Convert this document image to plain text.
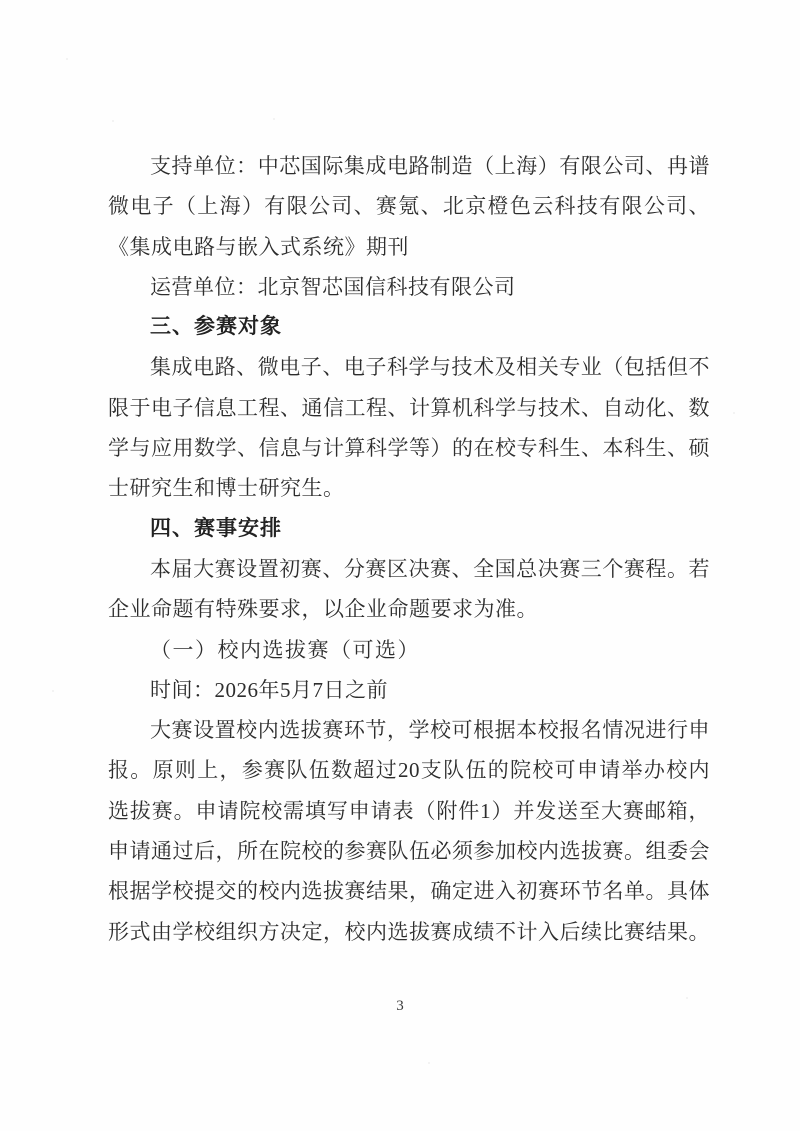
支持单位：中芯国际集成电路制造（上海）有限公司、冉谱微电子（上海）有限公司、赛氪、北京橙色云科技有限公司、《集成电路与嵌入式系统》期刊

运营单位：北京智芯国信科技有限公司

三、参赛对象

集成电路、微电子、电子科学与技术及相关专业（包括但不限于电子信息工程、通信工程、计算机科学与技术、自动化、数学与应用数学、信息与计算科学等）的在校专科生、本科生、硕士研究生和博士研究生。

四、赛事安排

本届大赛设置初赛、分赛区决赛、全国总决赛三个赛程。若企业命题有特殊要求，以企业命题要求为准。

（一）校内选拔赛（可选）

时间：2026年5月7日之前

大赛设置校内选拔赛环节，学校可根据本校报名情况进行申报。原则上，参赛队伍数超过20支队伍的院校可申请举办校内选拔赛。申请院校需填写申请表（附件1）并发送至大赛邮箱，申请通过后，所在院校的参赛队伍必须参加校内选拔赛。组委会根据学校提交的校内选拔赛结果，确定进入初赛环节名单。具体形式由学校组织方决定，校内选拔赛成绩不计入后续比赛结果。

3
